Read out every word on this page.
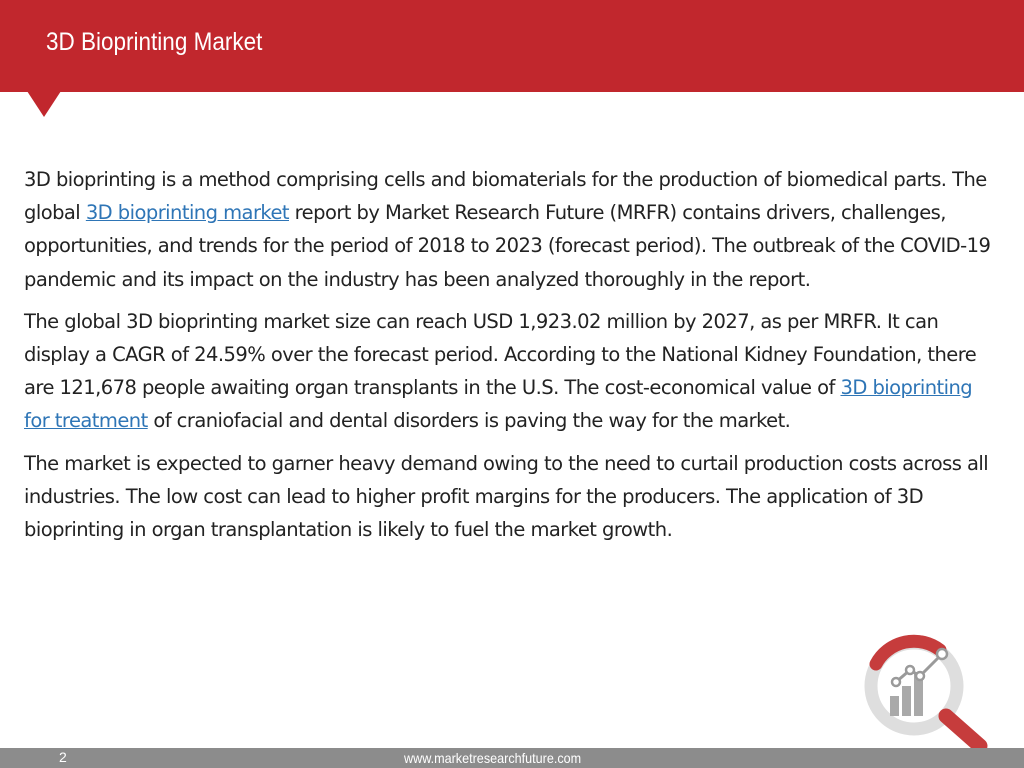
3D Bioprinting Market

3D bioprinting is a method comprising cells and biomaterials for the production of biomedical parts. The global 3D bioprinting market report by Market Research Future (MRFR) contains drivers, challenges, opportunities, and trends for the period of 2018 to 2023 (forecast period). The outbreak of the COVID-19 pandemic and its impact on the industry has been analyzed thoroughly in the report.

The global 3D bioprinting market size can reach USD 1,923.02 million by 2027, as per MRFR. It can display a CAGR of 24.59% over the forecast period. According to the National Kidney Foundation, there are 121,678 people awaiting organ transplants in the U.S. The cost-economical value of 3D bioprinting for treatment of craniofacial and dental disorders is paving the way for the market.

The market is expected to garner heavy demand owing to the need to curtail production costs across all industries. The low cost can lead to higher profit margins for the producers. The application of 3D bioprinting in organ transplantation is likely to fuel the market growth.

2	www.marketresearchfuture.com
